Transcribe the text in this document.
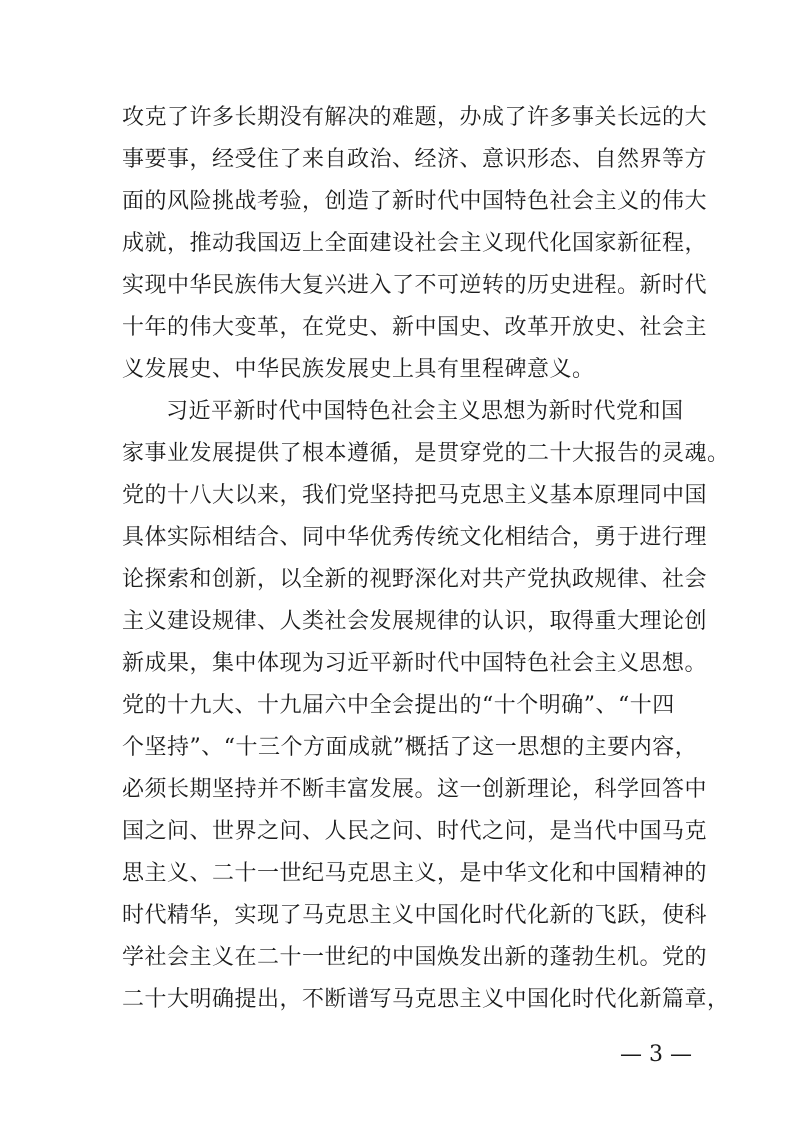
攻克了许多长期没有解决的难题，办成了许多事关长远的大
事要事，经受住了来自政治、经济、意识形态、自然界等方
面的风险挑战考验，创造了新时代中国特色社会主义的伟大
成就，推动我国迈上全面建设社会主义现代化国家新征程，
实现中华民族伟大复兴进入了不可逆转的历史进程。新时代
十年的伟大变革，在党史、新中国史、改革开放史、社会主
义发展史、中华民族发展史上具有里程碑意义。
习近平新时代中国特色社会主义思想为新时代党和国
家事业发展提供了根本遵循，是贯穿党的二十大报告的灵魂。
党的十八大以来，我们党坚持把马克思主义基本原理同中国
具体实际相结合、同中华优秀传统文化相结合，勇于进行理
论探索和创新，以全新的视野深化对共产党执政规律、社会
主义建设规律、人类社会发展规律的认识，取得重大理论创
新成果，集中体现为习近平新时代中国特色社会主义思想。
党的十九大、十九届六中全会提出的“十个明确”、“十四
个坚持”、“十三个方面成就”概括了这一思想的主要内容，
必须长期坚持并不断丰富发展。这一创新理论，科学回答中
国之问、世界之问、人民之问、时代之问，是当代中国马克
思主义、二十一世纪马克思主义，是中华文化和中国精神的
时代精华，实现了马克思主义中国化时代化新的飞跃，使科
学社会主义在二十一世纪的中国焕发出新的蓬勃生机。党的
二十大明确提出，不断谱写马克思主义中国化时代化新篇章，
— 3 —
